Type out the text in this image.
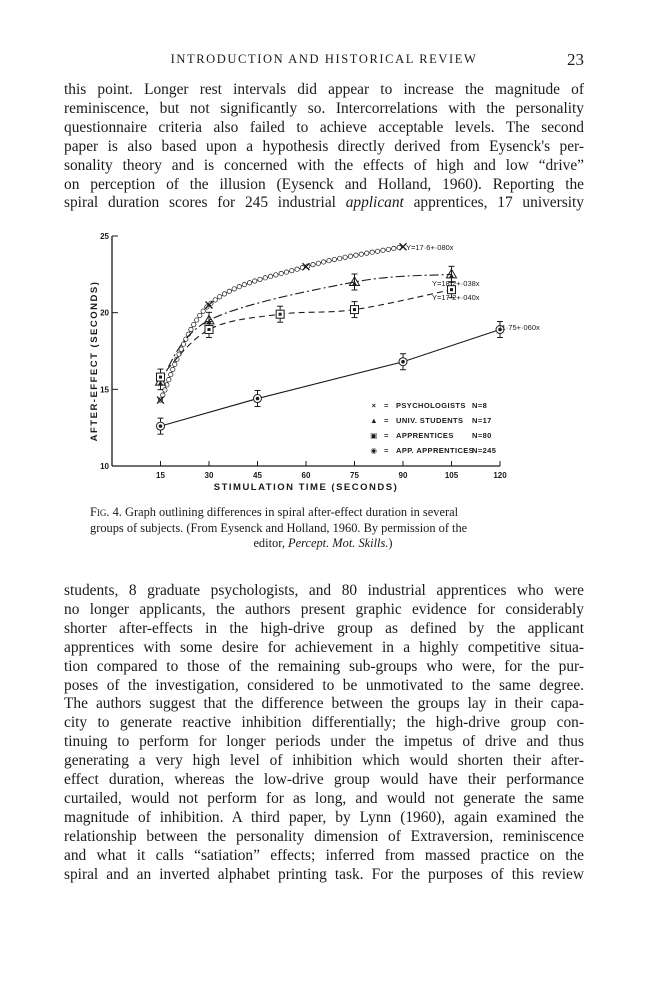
INTRODUCTION AND HISTORICAL REVIEW	23
this point. Longer rest intervals did appear to increase the magnitude of
reminiscence, but not significantly so. Intercorrelations with the personality
questionnaire criteria also failed to achieve acceptable levels. The second
paper is also based upon a hypothesis directly derived from Eysenck's per-
sonality theory and is concerned with the effects of high and low “drive”
on perception of the illusion (Eysenck and Holland, 1960). Reporting the
spiral duration scores for 245 industrial applicant apprentices, 17 university
10
15
20
25
15	30	45	60	75	90	105	120
STIMULATION TIME (SECONDS)
AFTER-EFFECT (SECONDS)
Y=17·6+·080x
Y=18·2+·038x
Y=17·2+·040x
11·75+·060x
× = PSYCHOLOGISTS N=8
▲ = UNIV. STUDENTS N=17
▣ = APPRENTICES N=80
◉ = APP. APPRENTICES
N=245
Fig. 4. Graph outlining differences in spiral after-effect duration in several
groups of subjects. (From Eysenck and Holland, 1960. By permission of the
editor, Percept. Mot. Skills.)
students, 8 graduate psychologists, and 80 industrial apprentices who were
no longer applicants, the authors present graphic evidence for considerably
shorter after-effects in the high-drive group as defined by the applicant
apprentices with some desire for achievement in a highly competitive situa-
tion compared to those of the remaining sub-groups who were, for the pur-
poses of the investigation, considered to be unmotivated to the same degree.
The authors suggest that the difference between the groups lay in their capa-
city to generate reactive inhibition differentially; the high-drive group con-
tinuing to perform for longer periods under the impetus of drive and thus
generating a very high level of inhibition which would shorten their after-
effect duration, whereas the low-drive group would have their performance
curtailed, would not perform for as long, and would not generate the same
magnitude of inhibition. A third paper, by Lynn (1960), again examined the
relationship between the personality dimension of Extraversion, reminiscence
and what it calls “satiation” effects; inferred from massed practice on the
spiral and an inverted alphabet printing task. For the purposes of this review
